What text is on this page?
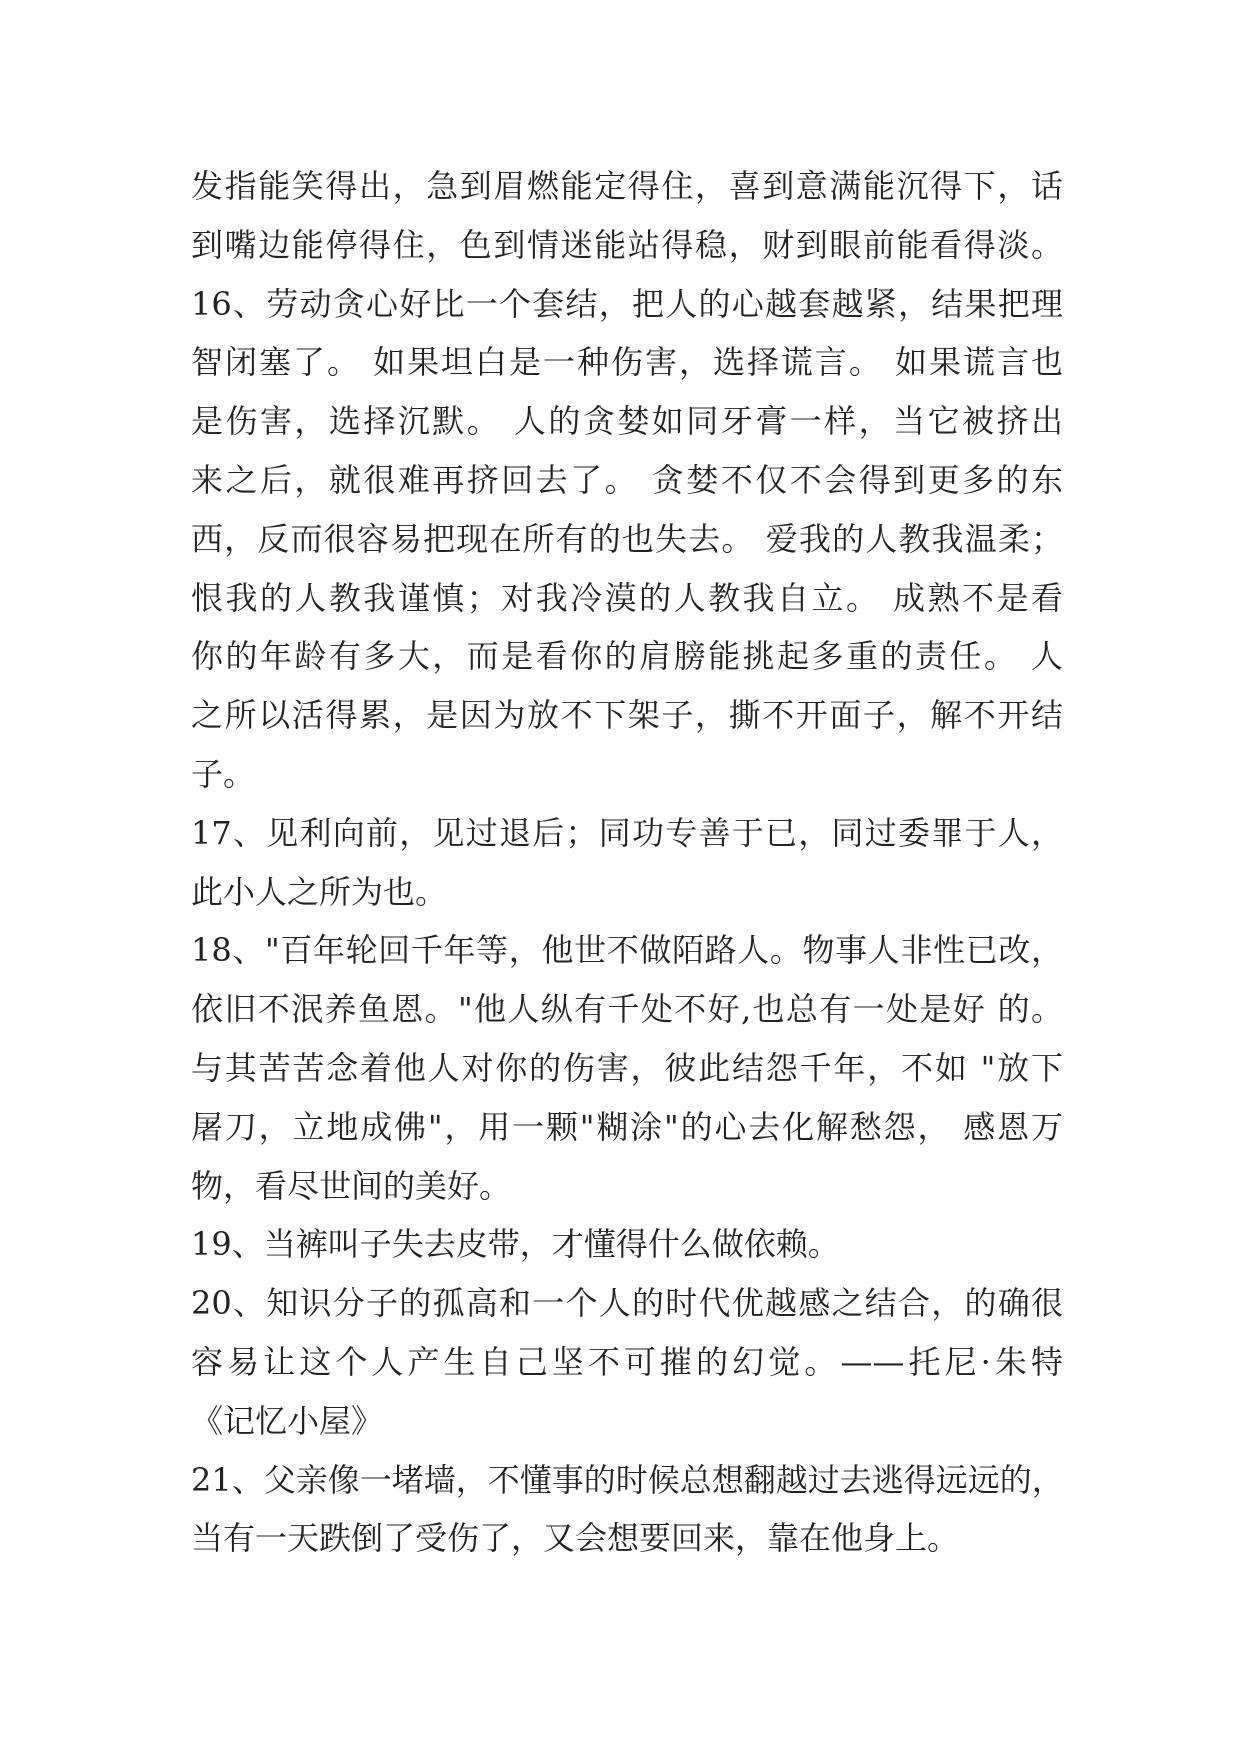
发指能笑得出，急到眉燃能定得住，喜到意满能沉得下，话
到嘴边能停得住，色到情迷能站得稳，财到眼前能看得淡。
16、劳动贪心好比一个套结，把人的心越套越紧，结果把理
智闭塞了。 如果坦白是一种伤害，选择谎言。 如果谎言也
是伤害，选择沉默。 人的贪婪如同牙膏一样，当它被挤出
来之后，就很难再挤回去了。 贪婪不仅不会得到更多的东
西，反而很容易把现在所有的也失去。 爱我的人教我温柔；
恨我的人教我谨慎；对我冷漠的人教我自立。 成熟不是看
你的年龄有多大，而是看你的肩膀能挑起多重的责任。 人
之所以活得累，是因为放不下架子，撕不开面子，解不开结
子。
17、见利向前，见过退后；同功专善于已，同过委罪于人，
此小人之所为也。
18、"百年轮回千年等，他世不做陌路人。物事人非性已改，
依旧不泯养鱼恩。"他人纵有千处不好,也总有一处是好 的。
与其苦苦念着他人对你的伤害，彼此结怨千年，不如 "放下
屠刀，立地成佛"，用一颗"糊涂"的心去化解愁怨， 感恩万
物，看尽世间的美好。
19、当裤叫子失去皮带，才懂得什么做依赖。
20、知识分子的孤高和一个人的时代优越感之结合，的确很
容易让这个人产生自己坚不可摧的幻觉。——托尼·朱特
《记忆小屋》
21、父亲像一堵墙，不懂事的时候总想翻越过去逃得远远的，
当有一天跌倒了受伤了，又会想要回来，靠在他身上。
